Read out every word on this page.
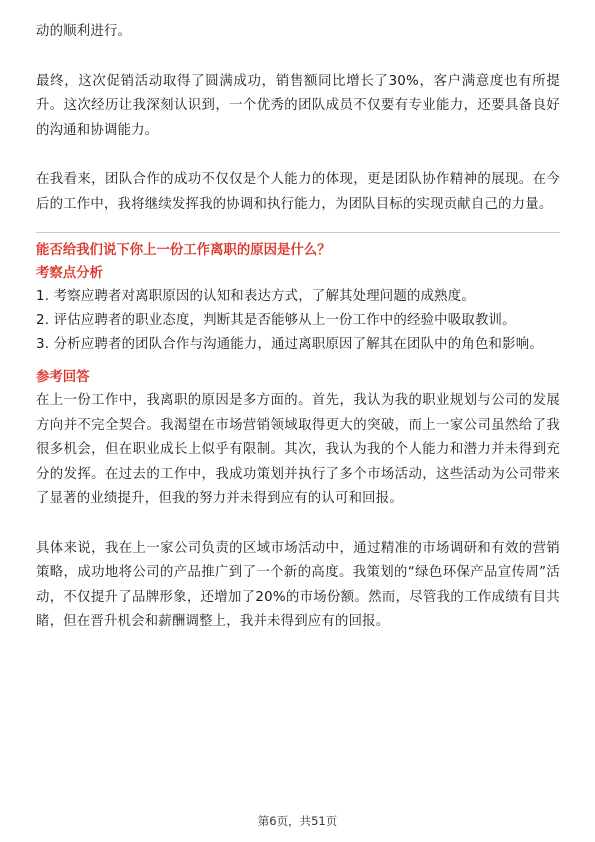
动的顺利进行。

最终，这次促销活动取得了圆满成功，销售额同比增长了30%，客户满意度也有所提升。这次经历让我深刻认识到，一个优秀的团队成员不仅要有专业能力，还要具备良好的沟通和协调能力。

在我看来，团队合作的成功不仅仅是个人能力的体现，更是团队协作精神的展现。在今后的工作中，我将继续发挥我的协调和执行能力，为团队目标的实现贡献自己的力量。

能否给我们说下你上一份工作离职的原因是什么？

考察点分析

1. 考察应聘者对离职原因的认知和表达方式，了解其处理问题的成熟度。

2. 评估应聘者的职业态度，判断其是否能够从上一份工作中的经验中吸取教训。

3. 分析应聘者的团队合作与沟通能力，通过离职原因了解其在团队中的角色和影响。

参考回答

在上一份工作中，我离职的原因是多方面的。首先，我认为我的职业规划与公司的发展方向并不完全契合。我渴望在市场营销领域取得更大的突破，而上一家公司虽然给了我很多机会，但在职业成长上似乎有限制。其次，我认为我的个人能力和潜力并未得到充分的发挥。在过去的工作中，我成功策划并执行了多个市场活动，这些活动为公司带来了显著的业绩提升，但我的努力并未得到应有的认可和回报。

具体来说，我在上一家公司负责的区域市场活动中，通过精准的市场调研和有效的营销策略，成功地将公司的产品推广到了一个新的高度。我策划的“绿色环保产品宣传周”活动，不仅提升了品牌形象，还增加了20%的市场份额。然而，尽管我的工作成绩有目共睹，但在晋升机会和薪酬调整上，我并未得到应有的回报。

第6页，共51页
